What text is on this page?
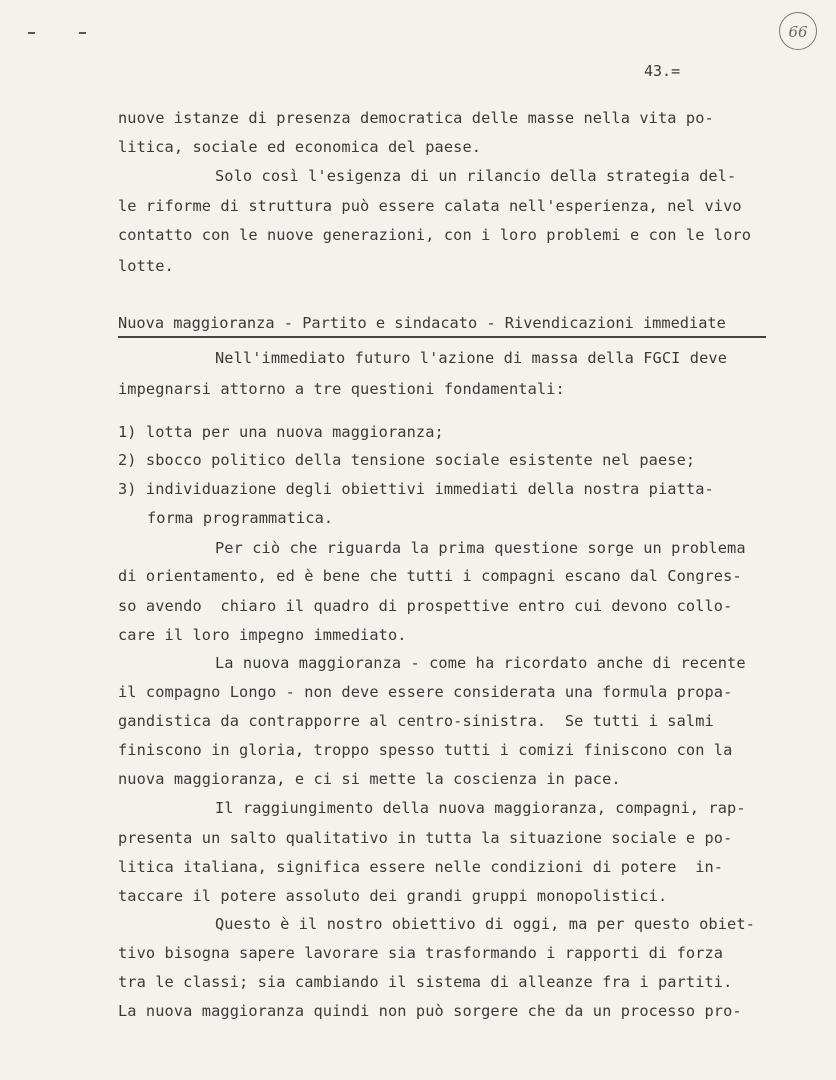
66
43.=
nuove istanze di presenza democratica delle masse nella vita po-
litica, sociale ed economica del paese.
Solo così l'esigenza di un rilancio della strategia del-
le riforme di struttura può essere calata nell'esperienza, nel vivo
contatto con le nuove generazioni, con i loro problemi e con le loro
lotte.
Nuova maggioranza - Partito e sindacato - Rivendicazioni immediate
Nell'immediato futuro l'azione di massa della FGCI deve
impegnarsi attorno a tre questioni fondamentali:
1) lotta per una nuova maggioranza;
2) sbocco politico della tensione sociale esistente nel paese;
3) individuazione degli obiettivi immediati della nostra piatta-
forma programmatica.
Per ciò che riguarda la prima questione sorge un problema
di orientamento, ed è bene che tutti i compagni escano dal Congres-
so avendo  chiaro il quadro di prospettive entro cui devono collo-
care il loro impegno immediato.
La nuova maggioranza - come ha ricordato anche di recente
il compagno Longo - non deve essere considerata una formula propa-
gandistica da contrapporre al centro-sinistra.  Se tutti i salmi
finiscono in gloria, troppo spesso tutti i comizi finiscono con la
nuova maggioranza, e ci si mette la coscienza in pace.
Il raggiungimento della nuova maggioranza, compagni, rap-
presenta un salto qualitativo in tutta la situazione sociale e po-
litica italiana, significa essere nelle condizioni di potere  in-
taccare il potere assoluto dei grandi gruppi monopolistici.
Questo è il nostro obiettivo di oggi, ma per questo obiet-
tivo bisogna sapere lavorare sia trasformando i rapporti di forza
tra le classi; sia cambiando il sistema di alleanze fra i partiti.
La nuova maggioranza quindi non può sorgere che da un processo pro-
